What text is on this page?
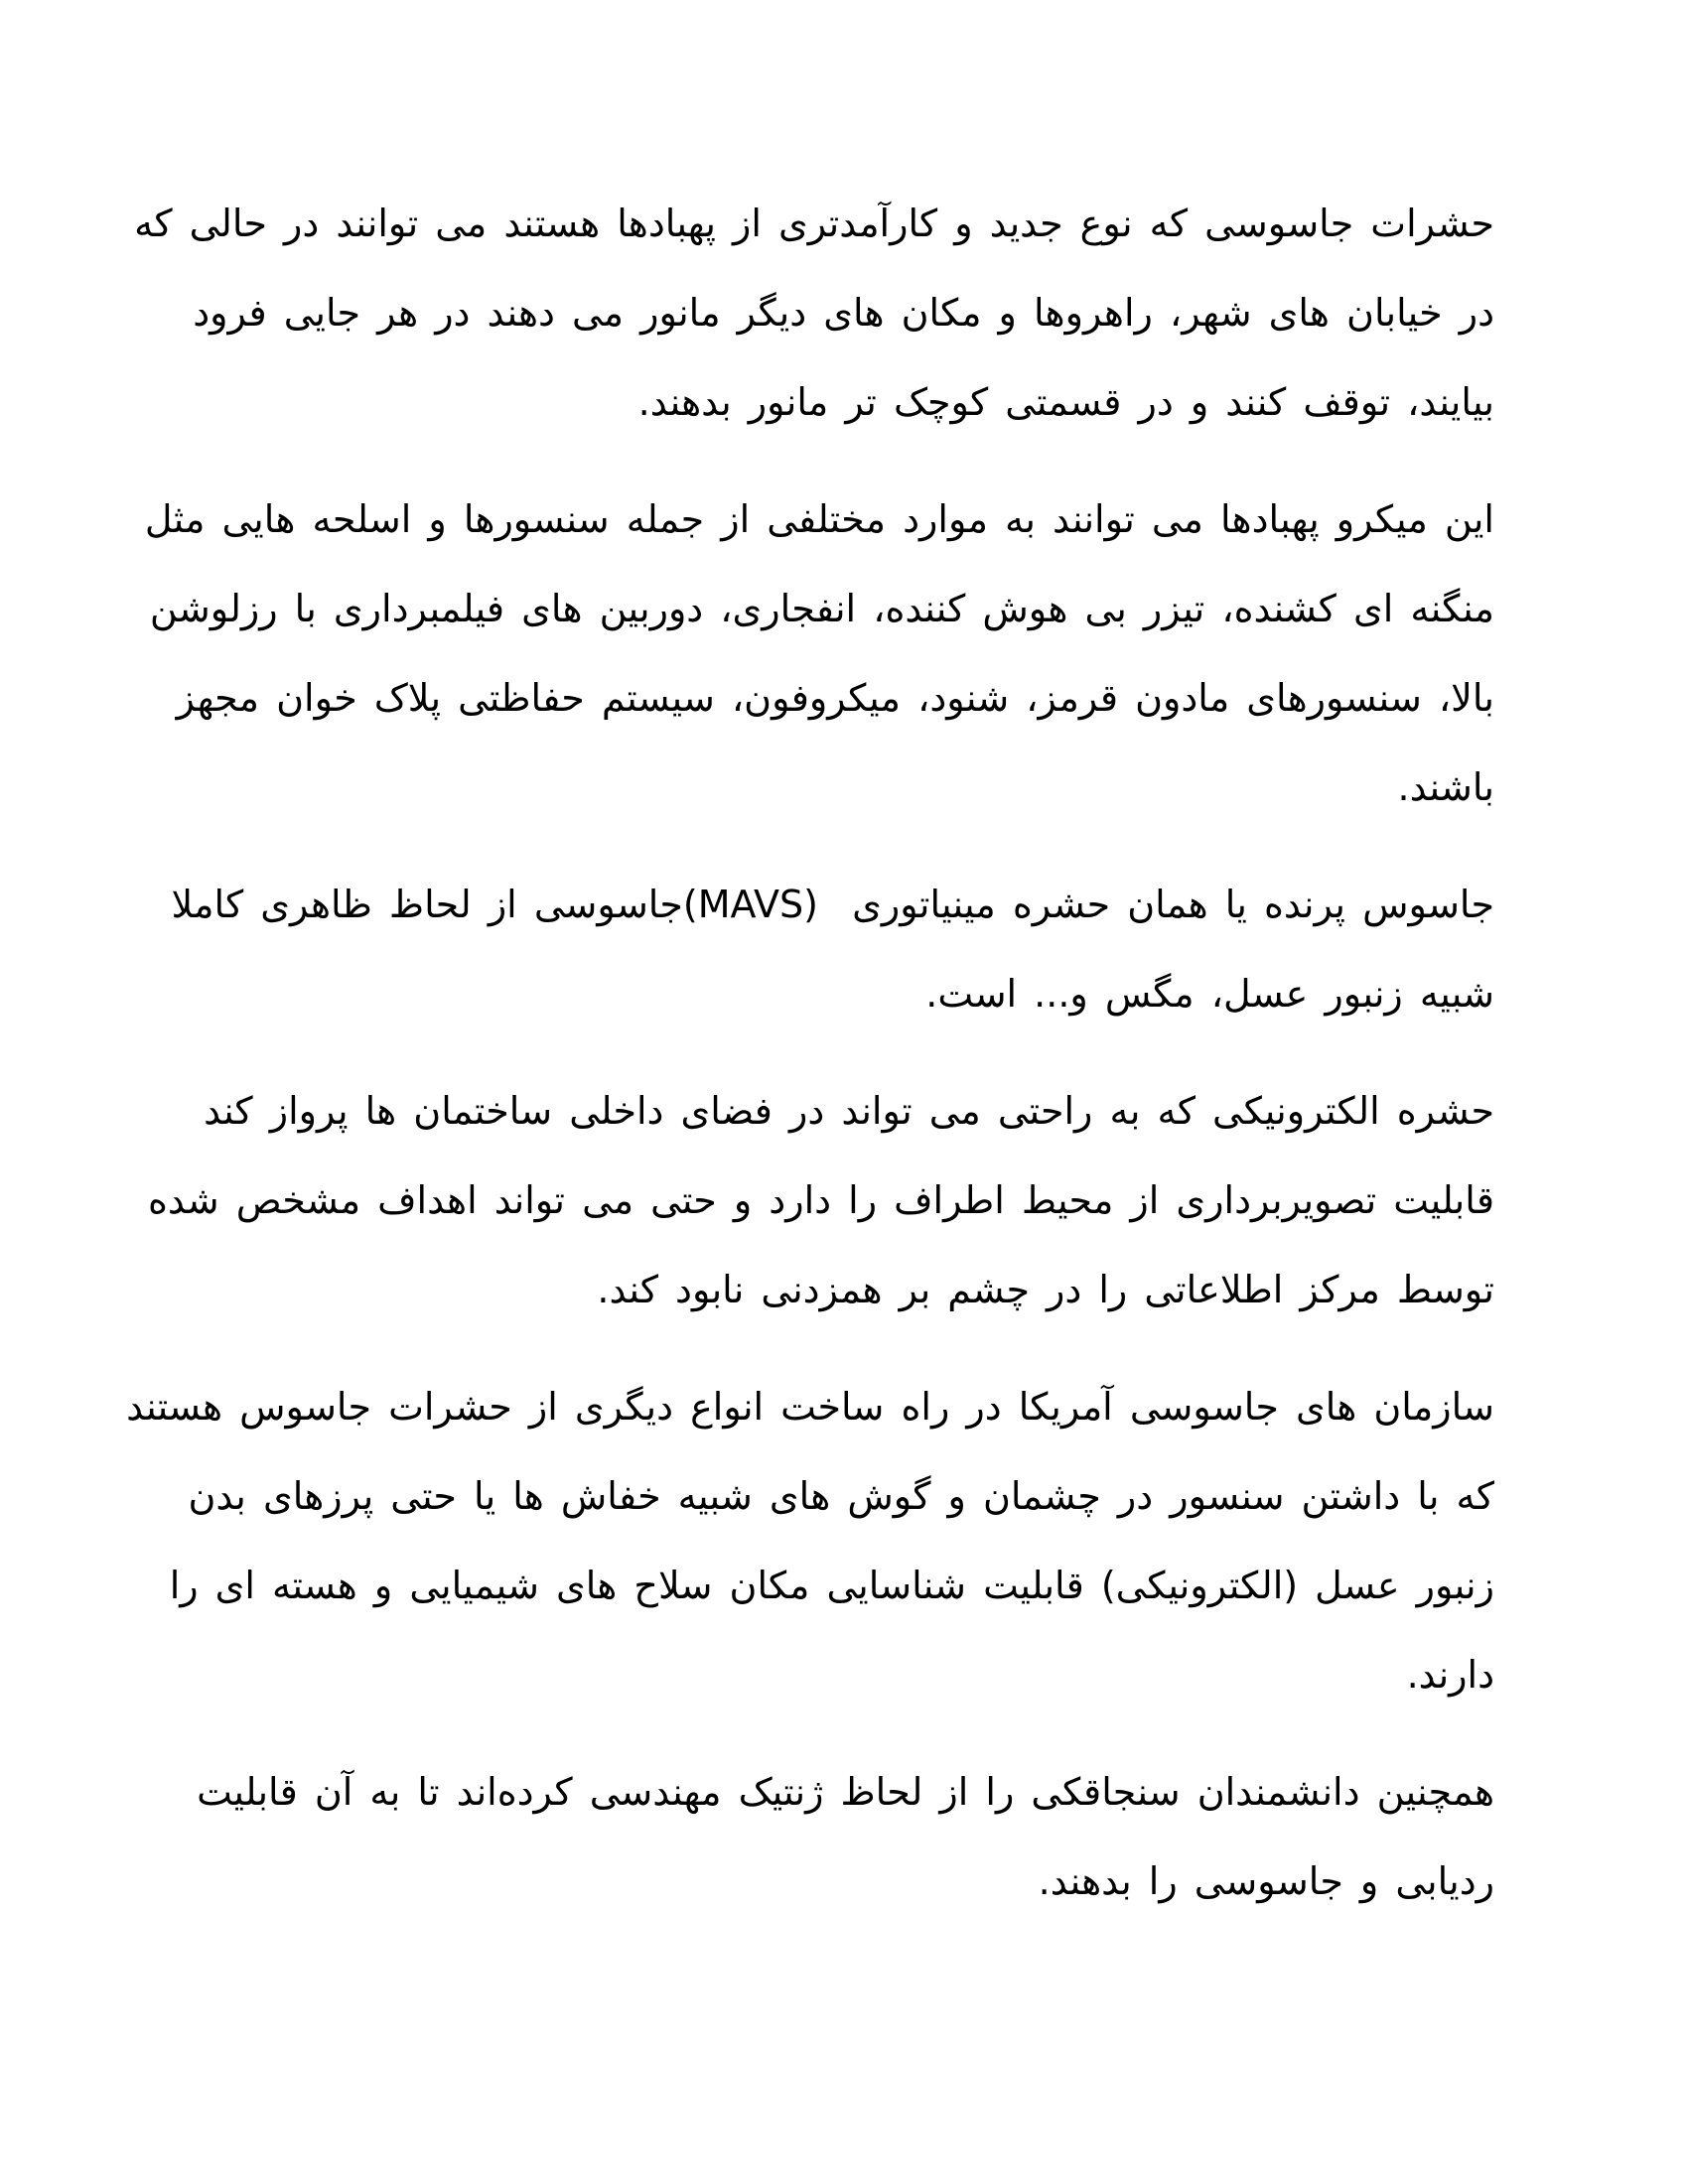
حشرات جاسوسی که نوع جدید و کارآمدتری از پهبادها هستند می توانند در حالی که
در خیابان های شهر، راهروها و مکان های دیگر مانور می دهند در هر جایی فرود
بیایند، توقف کنند و در قسمتی کوچک تر مانور بدهند.
این میکرو پهبادها می توانند به موارد مختلفی از جمله سنسورها و اسلحه هایی مثل
منگنه ای کشنده، تیزر بی هوش کننده، انفجاری، دوربین های فیلمبرداری با رزلوشن
بالا، سنسورهای مادون قرمز، شنود، میکروفون، سیستم حفاظتی پلاک خوان مجهز
باشند.
جاسوس پرنده یا همان حشره مینیاتوری  (MAVS)جاسوسی از لحاظ ظاهری کاملا
شبیه زنبور عسل، مگس و... است.
حشره الکترونیکی که به راحتی می تواند در فضای داخلی ساختمان ها پرواز کند
قابلیت تصویربرداری از محیط اطراف را دارد و حتی می تواند اهداف مشخص شده
توسط مرکز اطلاعاتی را در چشم بر همزدنی نابود کند.
سازمان های جاسوسی آمریکا در راه ساخت انواع دیگری از حشرات جاسوس هستند
که با داشتن سنسور در چشمان و گوش های شبیه خفاش ها یا حتی پرزهای بدن
زنبور عسل (الکترونیکی) قابلیت شناسایی مکان سلاح های شیمیایی و هسته ای را
دارند.
همچنین دانشمندان سنجاقکی را از لحاظ ژنتیک مهندسی کرده‌اند تا به آن قابلیت
ردیابی و جاسوسی را بدهند.
